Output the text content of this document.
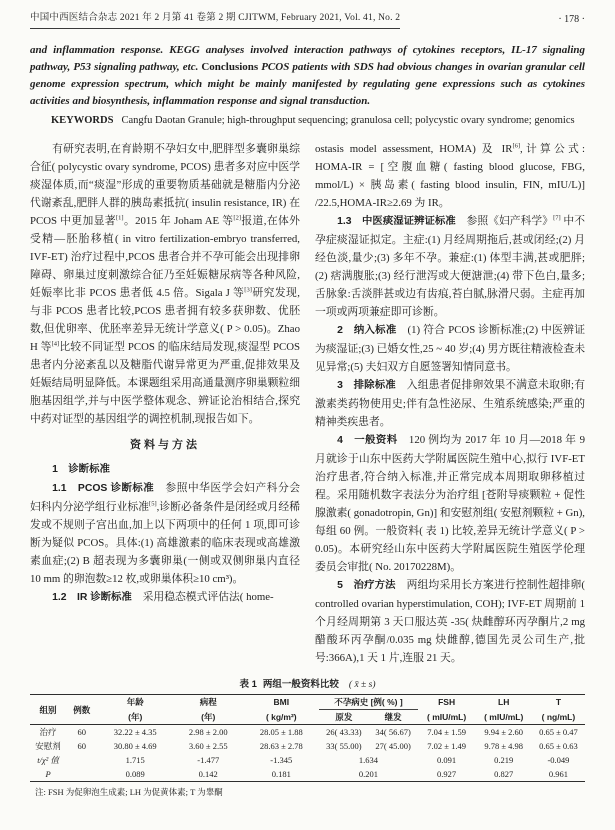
中国中西医结合杂志 2021 年 2 月第 41 卷第 2 期 CJITWM, February 2021, Vol. 41, No. 2	· 178 ·
and inflammation response. KEGG analyses involved interaction pathways of cytokines receptors, IL-17 signaling pathway, P53 signaling pathway, etc. Conclusions PCOS patients with SDS had obvious changes in ovarian granular cell genome expression spectrum, which might be mainly manifested by regulating gene expressions such as cytokines activities and biosynthesis, inflammation response and signal transduction.
KEYWORDS Cangfu Daotan Granule; high-throughput sequencing; granulosa cell; polycystic ovary syndrome; genomics

有研究表明,在育龄期不孕妇女中,肥胖型多囊卵巢综合征( polycystic ovary syndrome, PCOS) 患者多对应中医学痰湿体质,而“痰湿”形成的重要物质基础就是糖脂内分泌代谢紊乱,肥胖人群的胰岛素抵抗( insulin resistance, IR) 在 PCOS 中更加显著[1]。2015 年 Joham AE 等[2]报道,在体外受精—胚胎移植( in vitro fertilization-embryo transferred, IVF-ET) 治疗过程中,PCOS 患者合并不孕可能会出现排卵障碍、卵巢过度刺激综合征乃至妊娠糖尿病等各种风险,妊娠率比非 PCOS 患者低 4.5 倍。Sigala J 等[3]研究发现,与非 PCOS 患者比较,PCOS 患者拥有较多获卵数、优胚数,但优卵率、优胚率差异无统计学意义( P > 0.05)。Zhao H 等[4]比较不同证型 PCOS 的临床结局发现,痰湿型 PCOS 患者内分泌紊乱以及糖脂代谢异常更为严重,促排效果及妊娠结局明显降低。本课题组采用高通量测序卵巢颗粒细胞基因组学,并与中医学整体观念、辨证论治相结合,探究中药对证型的基因组学的调控机制,现报告如下。

资料与方法

1　诊断标准

1.1　PCOS 诊断标准　参照中华医学会妇产科分会妇科内分泌学组行业标准[5],诊断必备条件是闭经或月经稀发或不规则子宫出血,加上以下两项中的任何 1 项,即可诊断为疑似 PCOS。具体:(1) 高雄激素的临床表现或高雄激素血症;(2) B 超表现为多囊卵巢(一侧或双侧卵巢内直径 10 mm 的卵泡数≥12 枚,或卵巢体积≥10 cm³)。

1.2　IR 诊断标准　采用稳态模式评估法( home-

ostasis model assessment, HOMA) 及 IR[6],计算公式: HOMA-IR = [空腹血糖( fasting blood glucose, FBG, mmol/L) × 胰岛素( fasting blood insulin, FIN, mIU/L)] /22.5,HOMA-IR≥2.69 为 IR。

1.3　中医痰湿证辨证标准　参照《妇产科学》[7] 中不孕症痰湿证拟定。主症:(1) 月经周期拖后,甚或闭经;(2) 月经色淡,量少;(3) 多年不孕。兼症:(1) 体型丰满,甚或肥胖;(2) 痞满腹胀;(3) 经行泄泻或大便溏泄;(4) 带下色白,量多;舌脉象:舌淡胖甚或边有齿痕,苔白腻,脉滑尺弱。主症再加一项或两项兼症即可诊断。

2　纳入标准　(1) 符合 PCOS 诊断标准;(2) 中医辨证为痰湿证;(3) 已婚女性,25 ~ 40 岁;(4) 男方既往精液检查未见异常;(5) 夫妇双方自愿签署知情同意书。

3　排除标准　入组患者促排卵效果不满意未取卵;有激素类药物使用史;伴有急性泌尿、生殖系统感染;严重的精神类疾患者。

4　一般资料　120 例均为 2017 年 10 月—2018 年 9 月就诊于山东中医药大学附属医院生殖中心,拟行 IVF-ET 治疗患者,符合纳入标准,并正常完成本周期取卵移植过程。采用随机数字表法分为治疗组 [苍附导痰颗粒 + 促性腺激素( gonadotropin, Gn)] 和安慰剂组( 安慰剂颗粒 + Gn),每组 60 例。一般资料( 表 1) 比较,差异无统计学意义( P > 0.05)。本研究经山东中医药大学附属医院生殖医学伦理委员会审批( No. 20170228M)。

5　治疗方法　两组均采用长方案进行控制性超排卵( controlled ovarian hyperstimulation, COH); IVF-ET 周期前 1 个月经周期第 3 天口服达英 -35( 炔雌醇环丙孕酮片,2 mg 醋酸环丙孕酮/0.035 mg 炔雌醇,德国先灵公司生产,批号:366A),1 天 1 片,连服 21 天。

表 1 两组一般资料比较 ( x̄ ± s)
组别	例数	年龄	病程	BMI	不孕病史 [例( %) ]		FSH	LH	T
		(年)	(年)	( kg/m²)	原发	继发	( mIU/mL)	( mIU/mL)	( ng/mL)
治疗	60	32.22 ± 4.35	2.98 ± 2.00	28.05 ± 1.88	26( 43.33)	34( 56.67)	7.04 ± 1.59	9.94 ± 2.60	0.65 ± 0.47
安慰剂	60	30.80 ± 4.69	3.60 ± 2.55	28.63 ± 2.78	33( 55.00)	27( 45.00)	7.02 ± 1.49	9.78 ± 4.98	0.65 ± 0.63
t/χ² 值		1.715	-1.477	-1.345	1.634		0.091	0.219	-0.049
P		0.089	0.142	0.181	0.201		0.927	0.827	0.961
注: FSH 为促卵泡生成素; LH 为促黄体素; T 为睾酮
